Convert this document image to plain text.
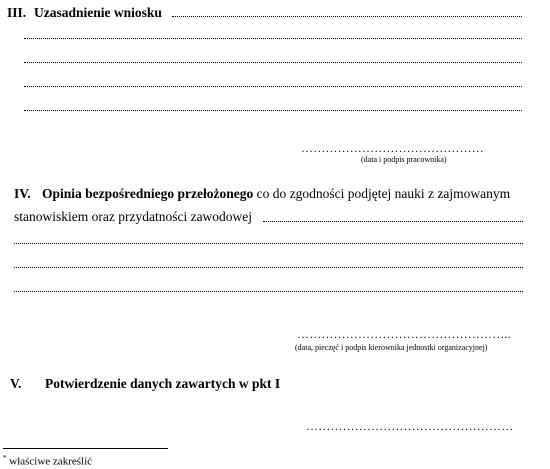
III. Uzasadnienie wniosku
………………………………………
(data i podpis pracownika)
IV. Opinia bezpośredniego przełożonego co do zgodności podjętej nauki z zajmowanym
stanowiskiem oraz przydatności zawodowej
……………………………………………..
(data, pieczęć i podpis kierownika jednostki organizacyjnej)
V. Potwierdzenie danych zawartych w pkt I
……………………………………………
* właściwe zakreślić
